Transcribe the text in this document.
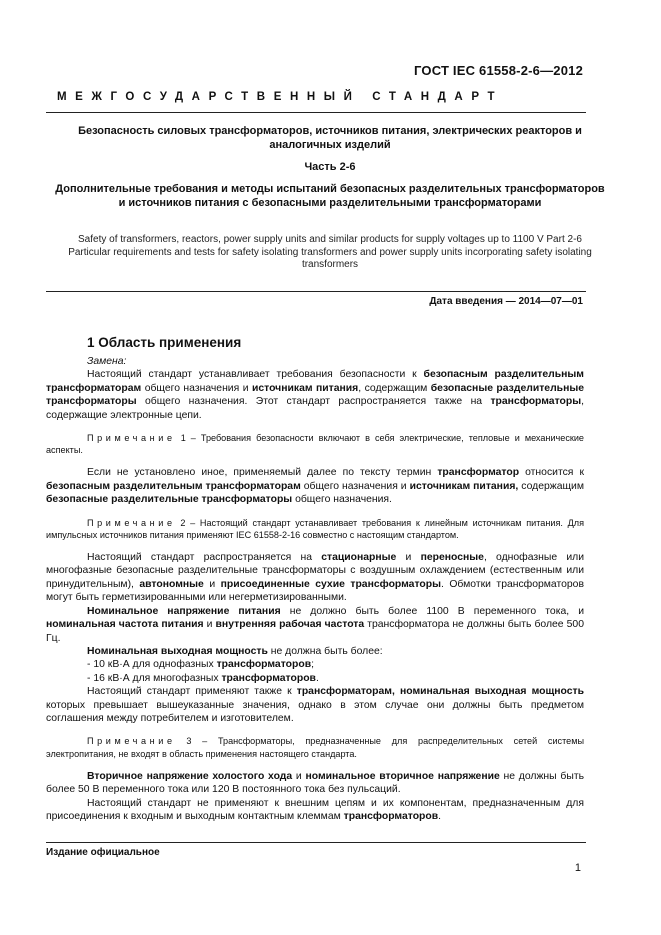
ГОСТ IEC 61558-2-6—2012
МЕЖГОСУДАРСТВЕННЫЙ СТАНДАРТ
Безопасность силовых трансформаторов, источников питания, электрических реакторов и аналогичных изделий
Часть 2-6
Дополнительные требования и методы испытаний безопасных разделительных трансформаторов и источников питания с безопасными разделительными трансформаторами
Safety of transformers, reactors, power supply units and similar products for supply voltages up to 1100 V Part 2-6
Particular requirements and tests for safety isolating transformers and power supply units incorporating safety isolating transformers
Дата введения — 2014—07—01
1 Область применения

Замена:

Настоящий стандарт устанавливает требования безопасности к безопасным разделительным трансформаторам общего назначения и источникам питания, содержащим безопасные разделительные трансформаторы общего назначения. Этот стандарт распространяется также на трансформаторы, содержащие электронные цепи.

Примечание 1 – Требования безопасности включают в себя электрические, тепловые и механические аспекты.

Если не установлено иное, применяемый далее по тексту термин трансформатор относится к безопасным разделительным трансформаторам общего назначения и источникам питания, содержащим безопасные разделительные трансформаторы общего назначения.

Примечание 2 – Настоящий стандарт устанавливает требования к линейным источникам питания. Для импульсных источников питания применяют IEC 61558-2-16 совместно с настоящим стандартом.

Настоящий стандарт распространяется на стационарные и переносные, однофазные или многофазные безопасные разделительные трансформаторы с воздушным охлаждением (естественным или принудительным), автономные и присоединенные сухие трансформаторы. Обмотки трансформаторов могут быть герметизированными или негерметизированными.

Номинальное напряжение питания не должно быть более 1100 В переменного тока, и номинальная частота питания и внутренняя рабочая частота трансформатора не должны быть более 500 Гц.

Номинальная выходная мощность не должна быть более:

- 10 кВ·А для однофазных трансформаторов;

- 16 кВ·А для многофазных трансформаторов.

Настоящий стандарт применяют также к трансформаторам, номинальная выходная мощность которых превышает вышеуказанные значения, однако в этом случае они должны быть предметом соглашения между потребителем и изготовителем.

Примечание 3 – Трансформаторы, предназначенные для распределительных сетей системы электропитания, не входят в область применения настоящего стандарта.

Вторичное напряжение холостого хода и номинальное вторичное напряжение не должны быть более 50 В переменного тока или 120 В постоянного тока без пульсаций.

Настоящий стандарт не применяют к внешним цепям и их компонентам, предназначенным для присоединения к входным и выходным контактным клеммам трансформаторов.

Издание официальное
1
